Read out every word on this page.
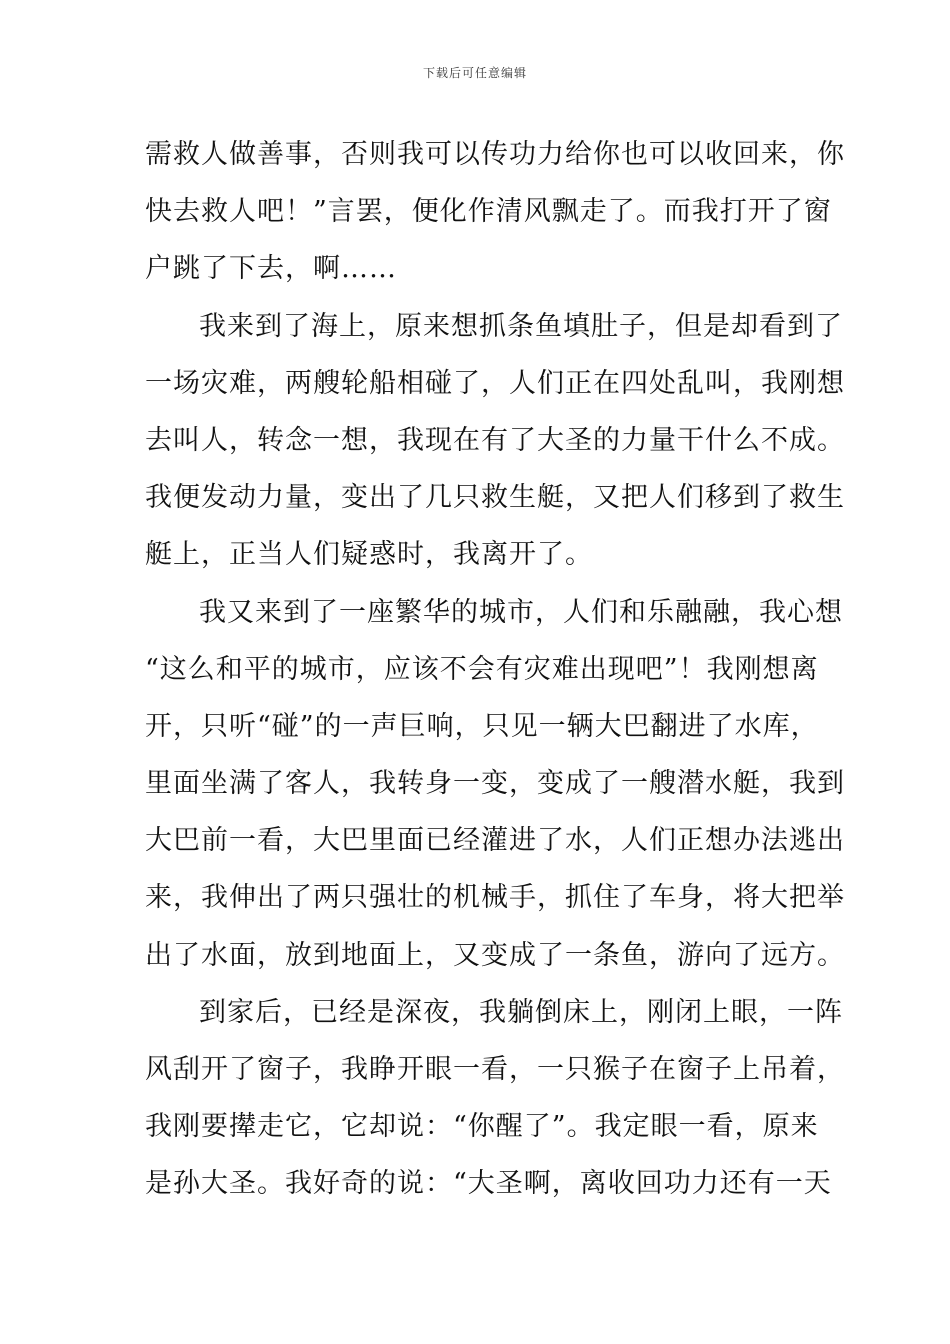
下载后可任意编辑
需救人做善事，否则我可以传功力给你也可以收回来，你
快去救人吧！”言罢，便化作清风飘走了。而我打开了窗
户跳了下去，啊……
我来到了海上，原来想抓条鱼填肚子，但是却看到了
一场灾难，两艘轮船相碰了，人们正在四处乱叫，我刚想
去叫人，转念一想，我现在有了大圣的力量干什么不成。
我便发动力量，变出了几只救生艇，又把人们移到了救生
艇上，正当人们疑惑时，我离开了。
我又来到了一座繁华的城市，人们和乐融融，我心想
“这么和平的城市，应该不会有灾难出现吧”！我刚想离
开，只听“碰”的一声巨响，只见一辆大巴翻进了水库，
里面坐满了客人，我转身一变，变成了一艘潜水艇，我到
大巴前一看，大巴里面已经灌进了水，人们正想办法逃出
来，我伸出了两只强壮的机械手，抓住了车身，将大把举
出了水面，放到地面上，又变成了一条鱼，游向了远方。
到家后，已经是深夜，我躺倒床上，刚闭上眼，一阵
风刮开了窗子，我睁开眼一看，一只猴子在窗子上吊着，
我刚要撵走它，它却说：“你醒了”。我定眼一看，原来
是孙大圣。我好奇的说：“大圣啊，离收回功力还有一天
